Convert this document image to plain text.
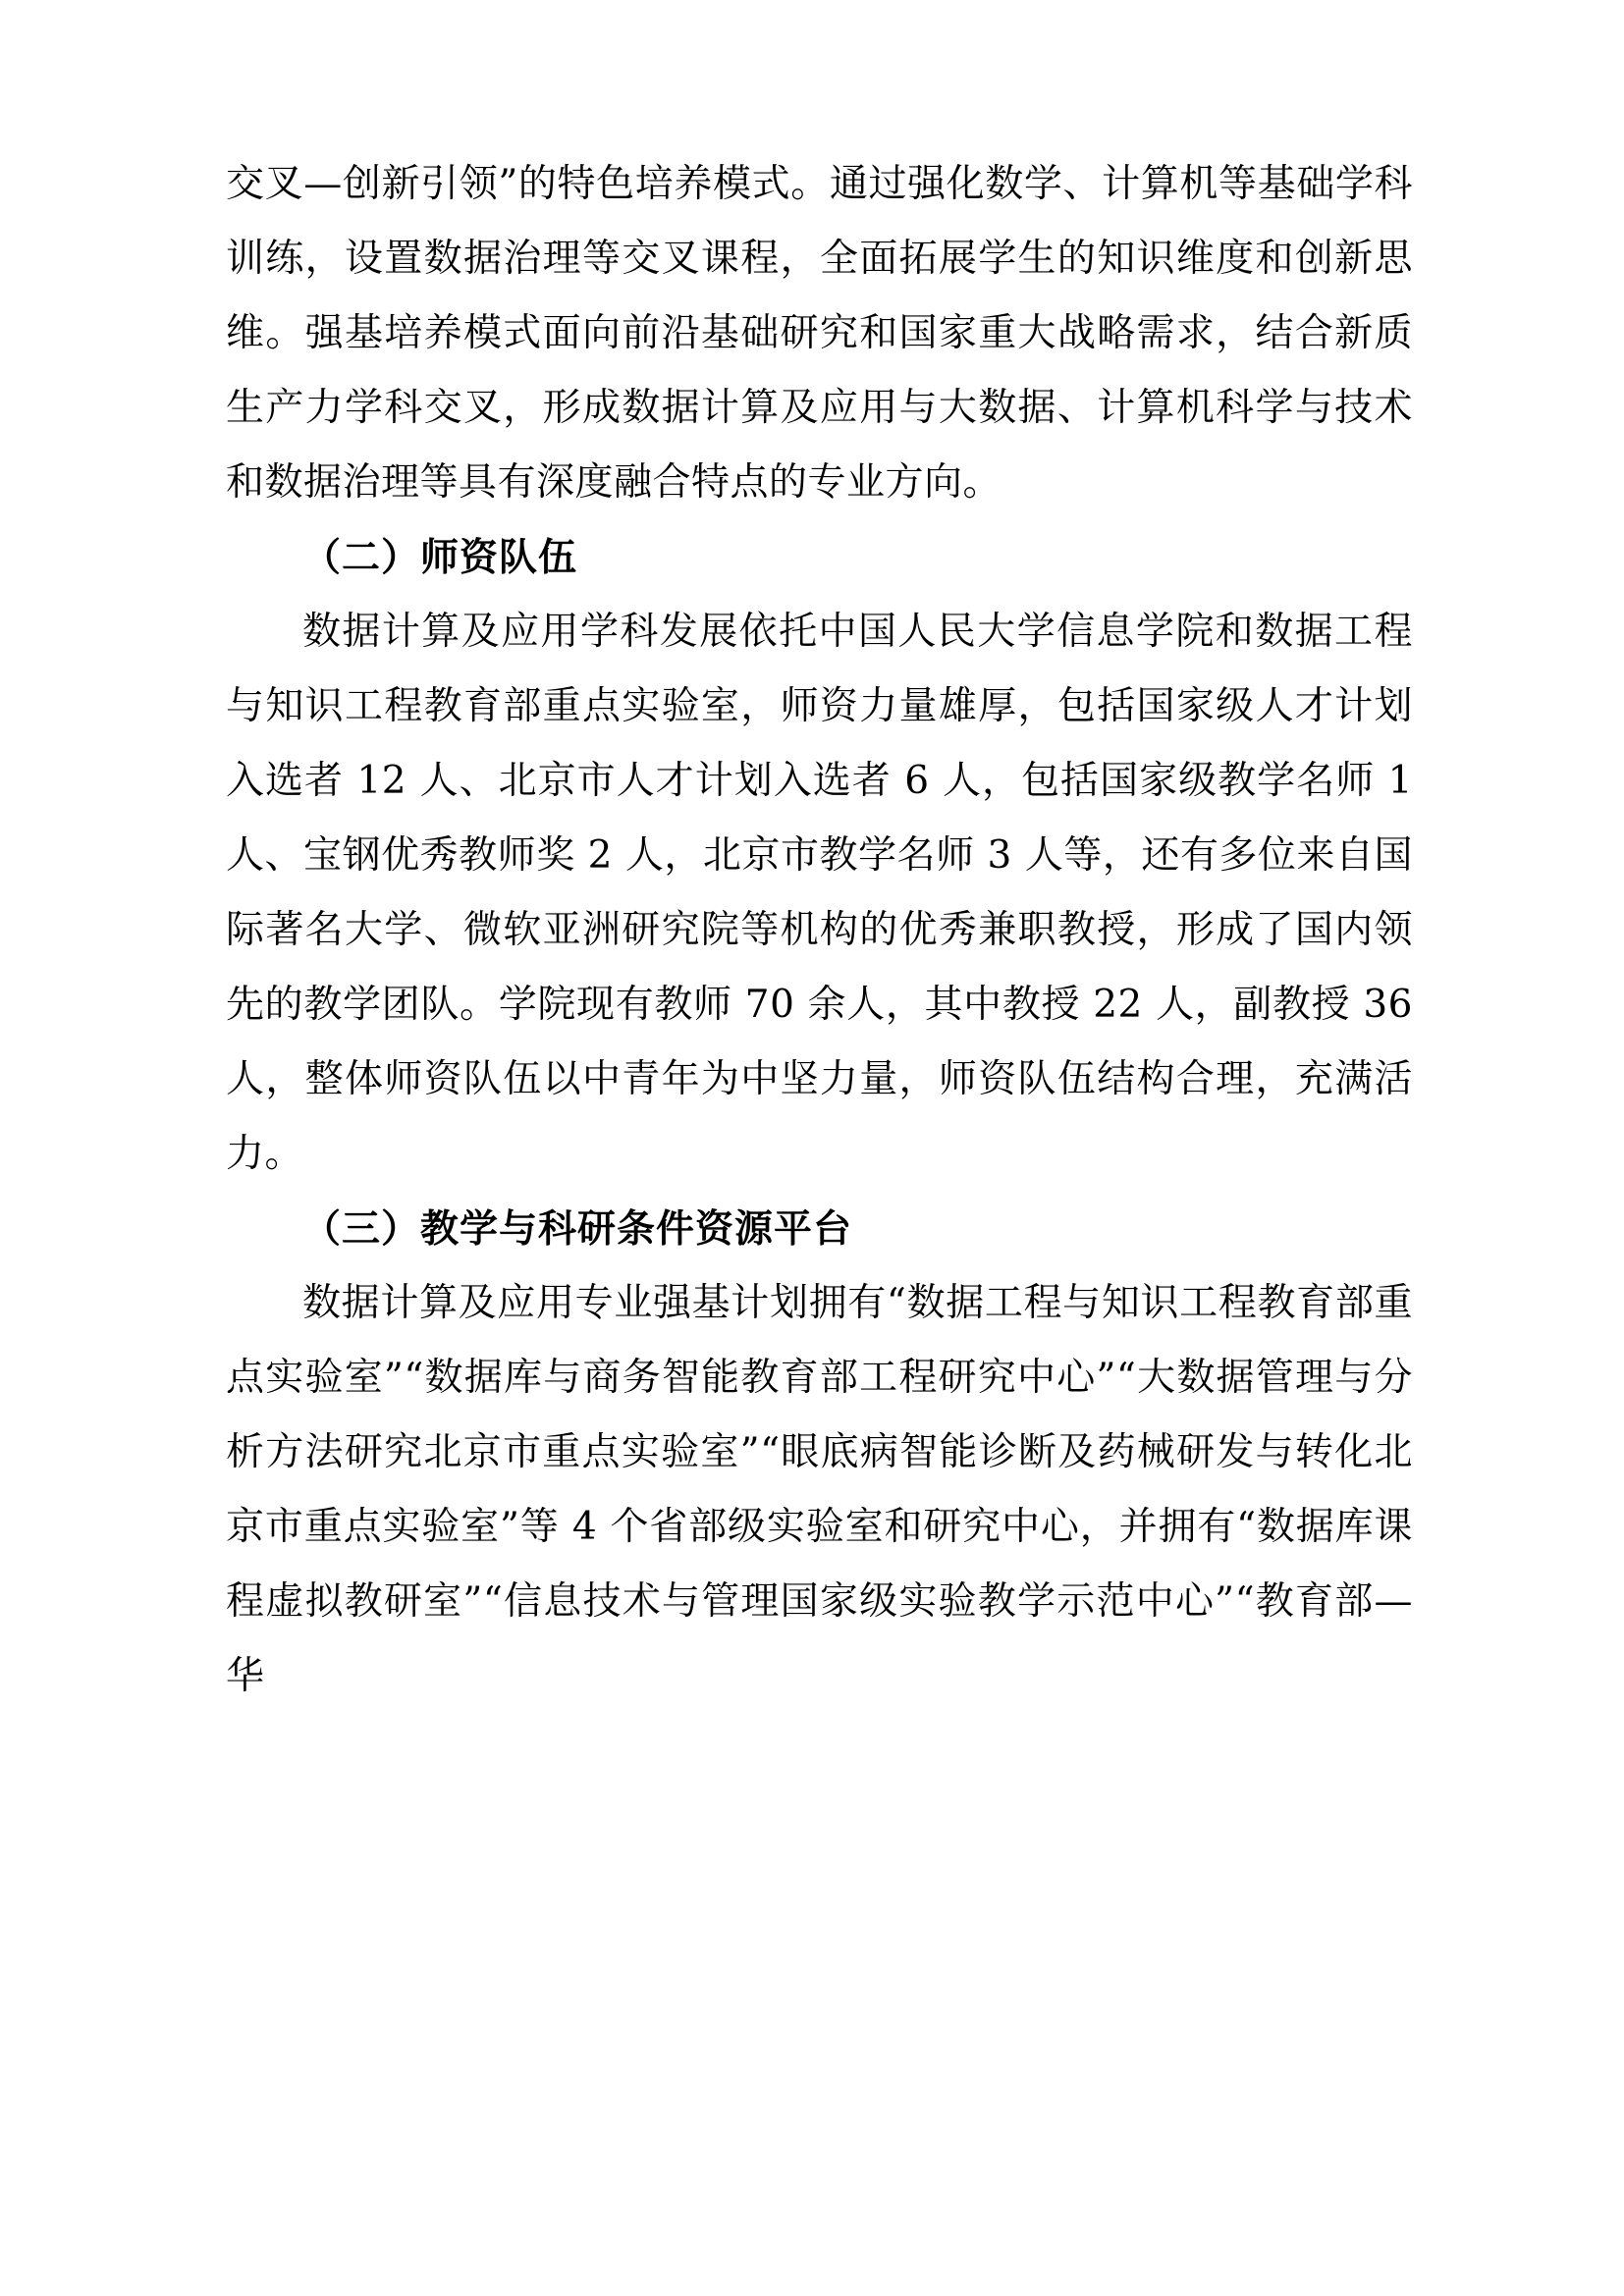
交叉—创新引领”的特色培养模式。通过强化数学、计算机等基础学科训练，设置数据治理等交叉课程，全面拓展学生的知识维度和创新思维。强基培养模式面向前沿基础研究和国家重大战略需求，结合新质生产力学科交叉，形成数据计算及应用与大数据、计算机科学与技术和数据治理等具有深度融合特点的专业方向。

（二）师资队伍

数据计算及应用学科发展依托中国人民大学信息学院和数据工程与知识工程教育部重点实验室，师资力量雄厚，包括国家级人才计划入选者 12 人、北京市人才计划入选者 6 人，包括国家级教学名师 1 人、宝钢优秀教师奖 2 人，北京市教学名师 3 人等，还有多位来自国际著名大学、微软亚洲研究院等机构的优秀兼职教授，形成了国内领先的教学团队。学院现有教师 70 余人，其中教授 22 人，副教授 36 人，整体师资队伍以中青年为中坚力量，师资队伍结构合理，充满活力。

（三）教学与科研条件资源平台

数据计算及应用专业强基计划拥有“数据工程与知识工程教育部重点实验室”“数据库与商务智能教育部工程研究中心”“大数据管理与分析方法研究北京市重点实验室”“眼底病智能诊断及药械研发与转化北京市重点实验室”等 4 个省部级实验室和研究中心，并拥有“数据库课程虚拟教研室”“信息技术与管理国家级实验教学示范中心”“教育部—华
